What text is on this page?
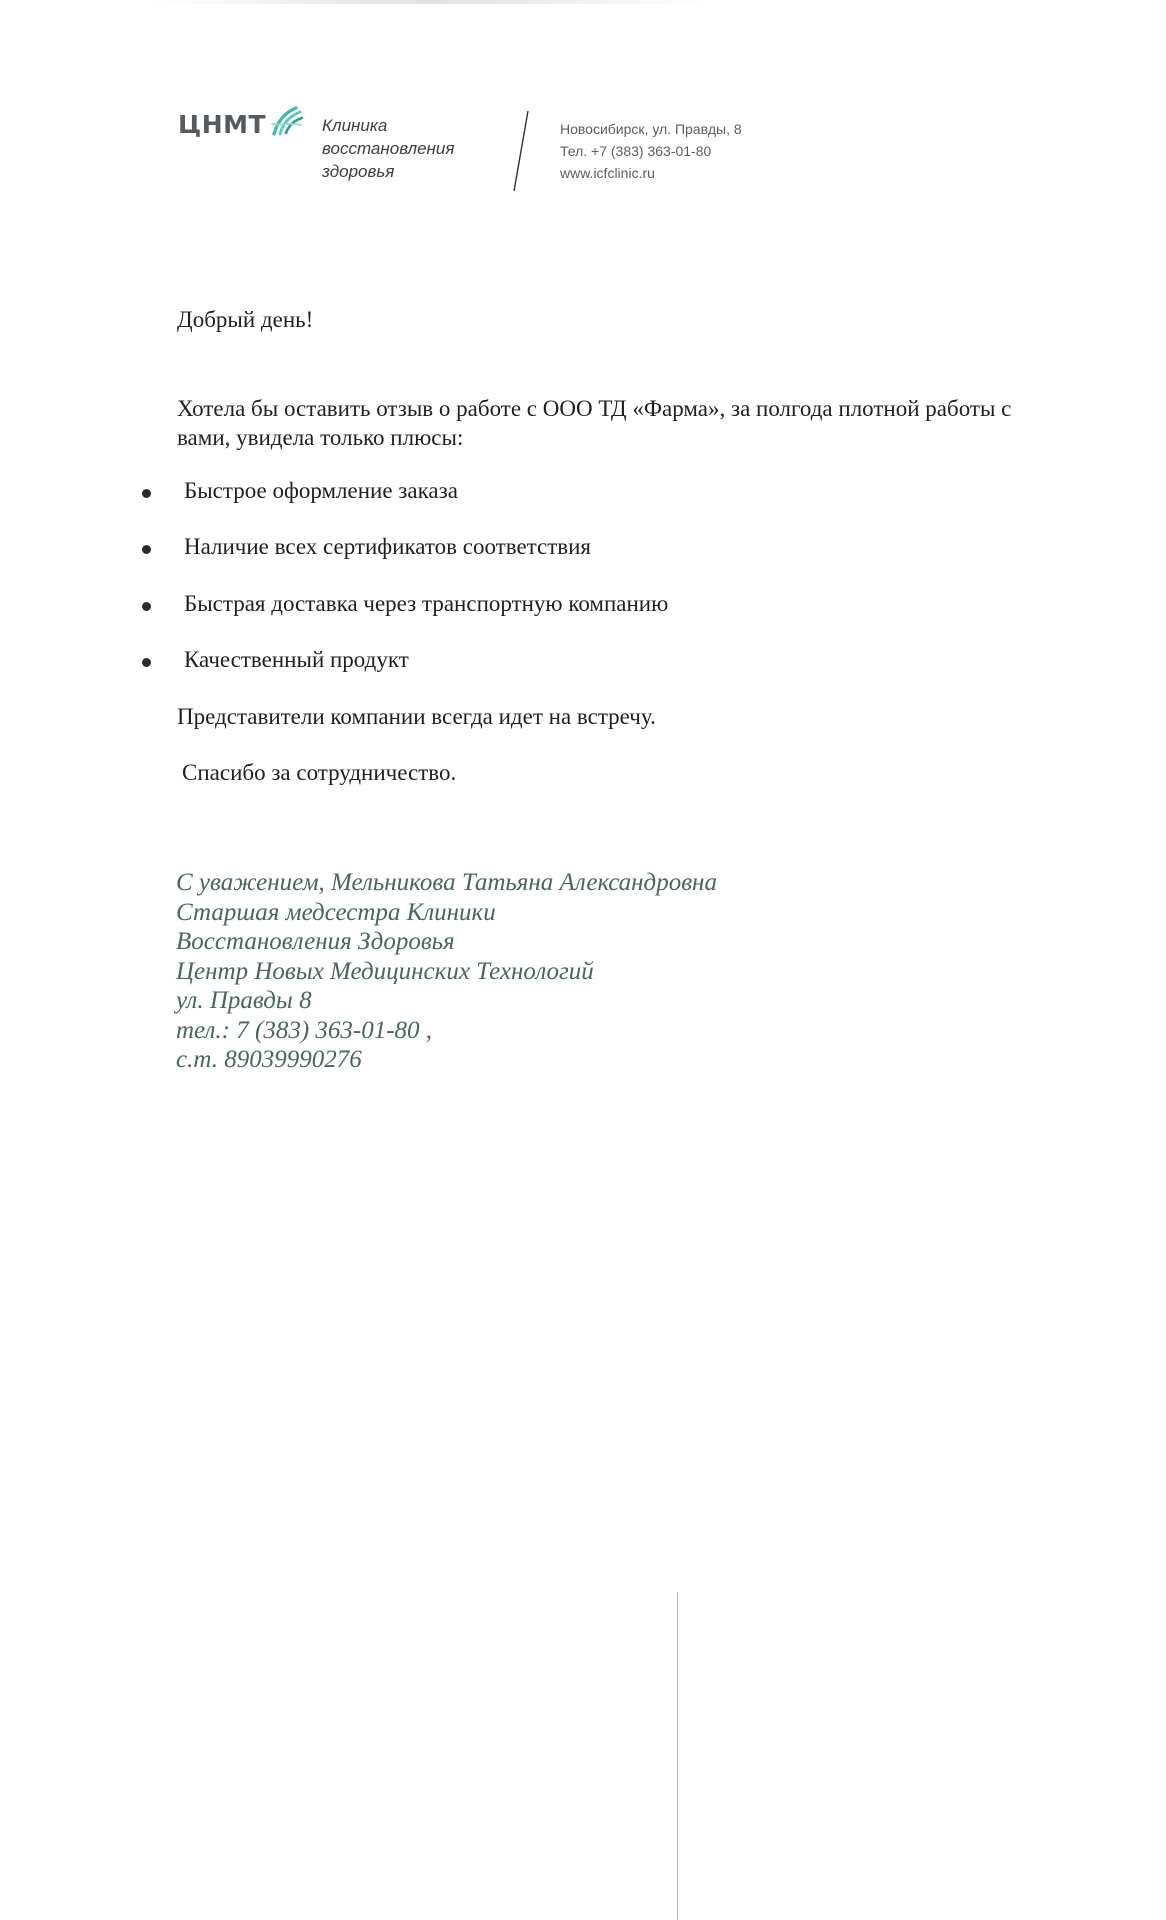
ЦНМТ	Клиника
восстановления
здоровья
Новосибирск, ул. Правды, 8
Тел. +7 (383) 363-01-80
www.icfclinic.ru

Добрый день!

Хотела бы оставить отзыв о работе с ООО ТД «Фарма», за полгода плотной работы с вами, увидела только плюсы:

Быстрое оформление заказа
Наличие всех сертификатов соответствия
Быстрая доставка через транспортную компанию
Качественный продукт

Представители компании всегда идет на встречу.

Спасибо за сотрудничество.

С уважением, Мельникова Татьяна Александровна
Старшая медсестра Клиники
Восстановления Здоровья
Центр Новых Медицинских Технологий
ул. Правды 8
тел.: 7 (383) 363-01-80 ,
с.т. 89039990276
